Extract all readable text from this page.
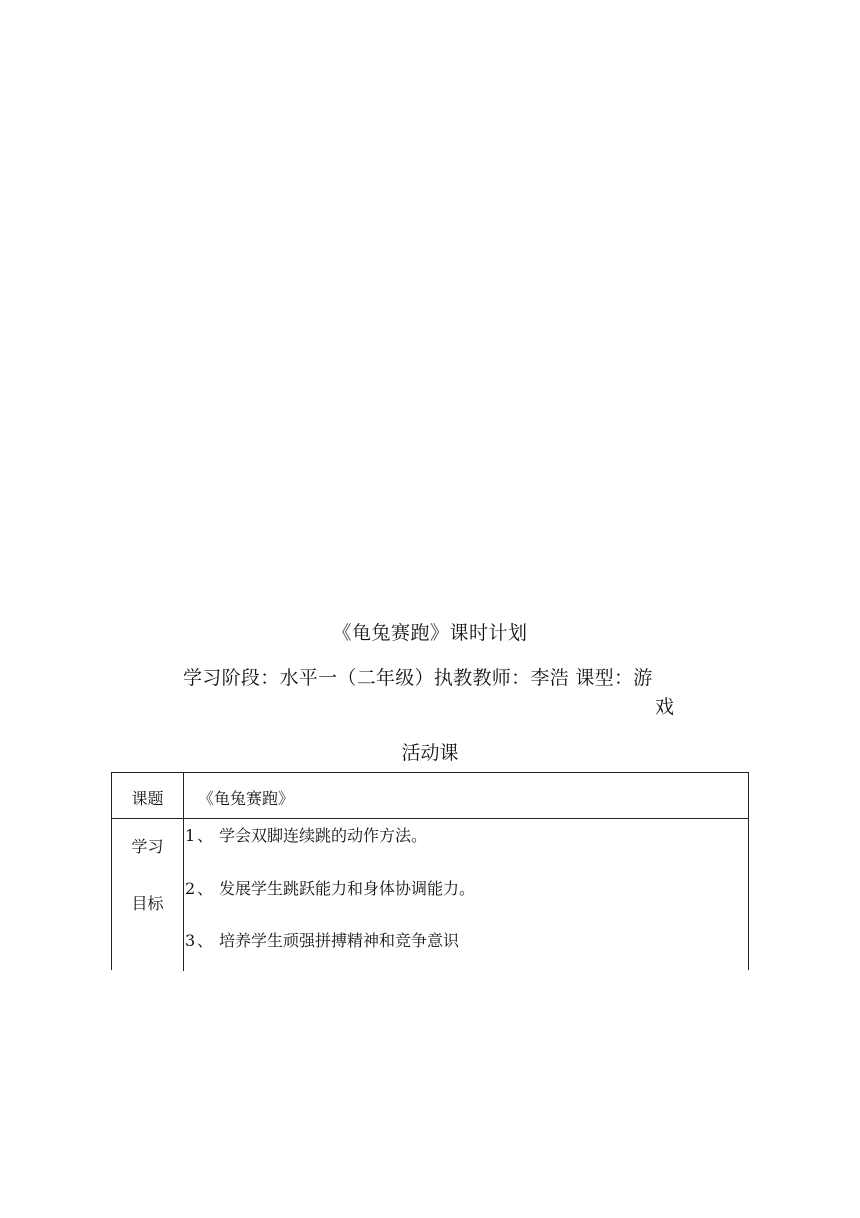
《龟兔赛跑》课时计划
学习阶段：水平一（二年级）执教教师：李浩 课型：游
戏
活动课
课题	《龟兔赛跑》
学习
目标
1 、 学会双脚连续跳的动作方法。
2 、 发展学生跳跃能力和身体协调能力。
3 、 培养学生顽强拼搏精神和竞争意识
